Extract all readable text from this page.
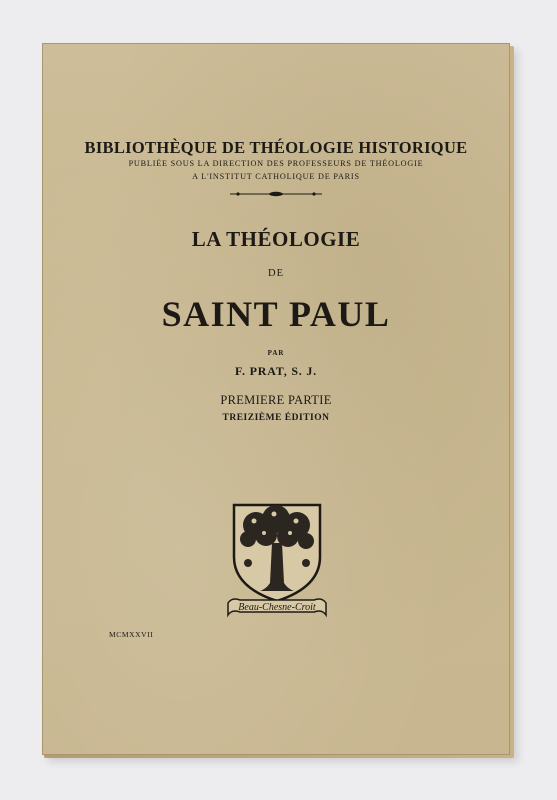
BIBLIOTHÈQUE DE THÉOLOGIE HISTORIQUE
PUBLIÉE SOUS LA DIRECTION DES PROFESSEURS DE THÉOLOGIE
A L'INSTITUT CATHOLIQUE DE PARIS
LA THÉOLOGIE
DE
SAINT PAUL
PAR
F. PRAT, S. J.
PREMIERE PARTIE
TREIZIÈME ÉDITION
Beau-Chesne-Croit
MCMXXVII
